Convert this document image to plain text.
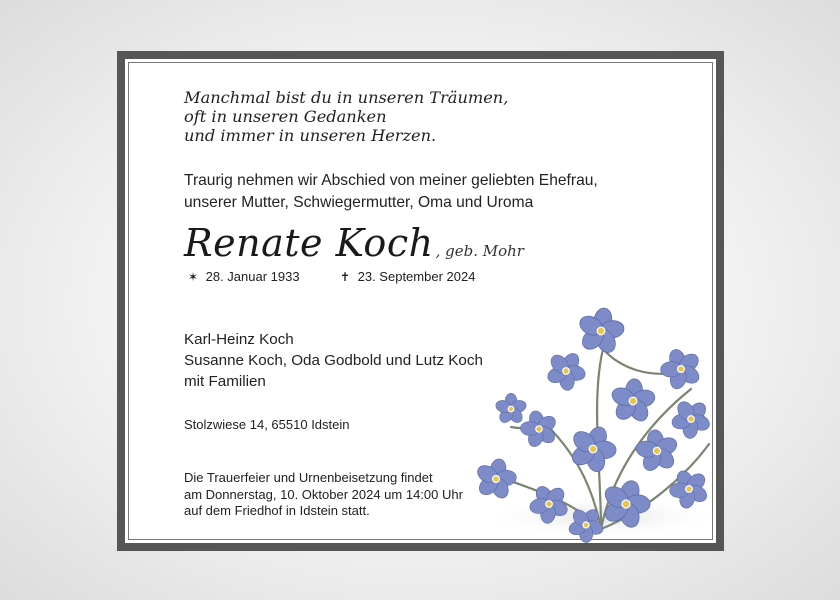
Manchmal bist du in unseren Träumen,
oft in unseren Gedanken
und immer in unseren Herzen.
Traurig nehmen wir Abschied von meiner geliebten Ehefrau,
unserer Mutter, Schwiegermutter, Oma und Uroma
Renate Koch , geb. Mohr
✶ 28. Januar 1933	✝ 23. September 2024
Karl-Heinz Koch
Susanne Koch, Oda Godbold und Lutz Koch
mit Familien
Stolzwiese 14, 65510 Idstein
Die Trauerfeier und Urnenbeisetzung findet
am Donnerstag, 10. Oktober 2024 um 14:00 Uhr
auf dem Friedhof in Idstein statt.
